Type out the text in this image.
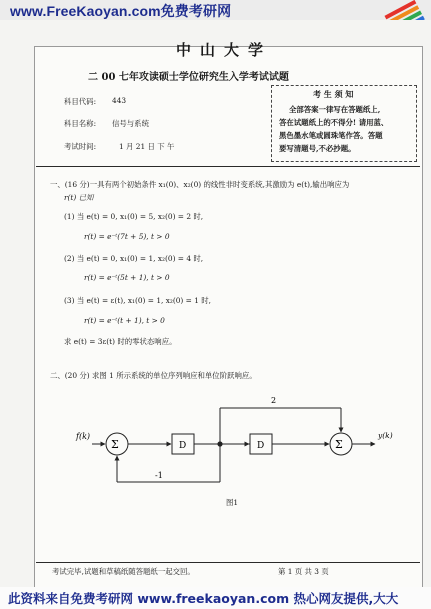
www.FreeKaoyan.com免费考研网
中山大学
二 00 七年攻读硕士学位研究生入学考试试题
科目代码: 443
科目名称: 信号与系统
考试时间:	1 月 21 日 下 午
考 生 须 知
全部答案一律写在答题纸上,
答在试题纸上的不得分! 请用蓝、
黑色墨水笔或圆珠笔作答。答题
要写清题号,不必抄题。
一、(16 分)一具有两个初始条件 x₁(0)、x₂(0) 的线性非时变系统,其激励为 e(t),输出响应为
r(t) 已知
(1) 当 e(t) = 0, x₁(0) = 5, x₂(0) = 2 时,
r(t) = e⁻ᵗ(7t + 5), t > 0
(2) 当 e(t) = 0, x₁(0) = 1, x₂(0) = 4 时,
r(t) = e⁻ᵗ(5t + 1), t > 0
(3) 当 e(t) = ε(t), x₁(0) = 1, x₂(0) = 1 时,
r(t) = e⁻ᵗ(t + 1), t > 0
求 e(t) = 3ε(t) 时的零状态响应。
二、(20 分) 求图 1 所示系统的单位序列响应和单位阶跃响应。
f(k)
Σ	D	D	Σ
2
-1
y(k)
图1
考试完毕,试题和草稿纸随答题纸一起交回。	第 1 页 共 3 页
此资料来自免费考研网 www.freekaoyan.com 热心网友提供,大大
